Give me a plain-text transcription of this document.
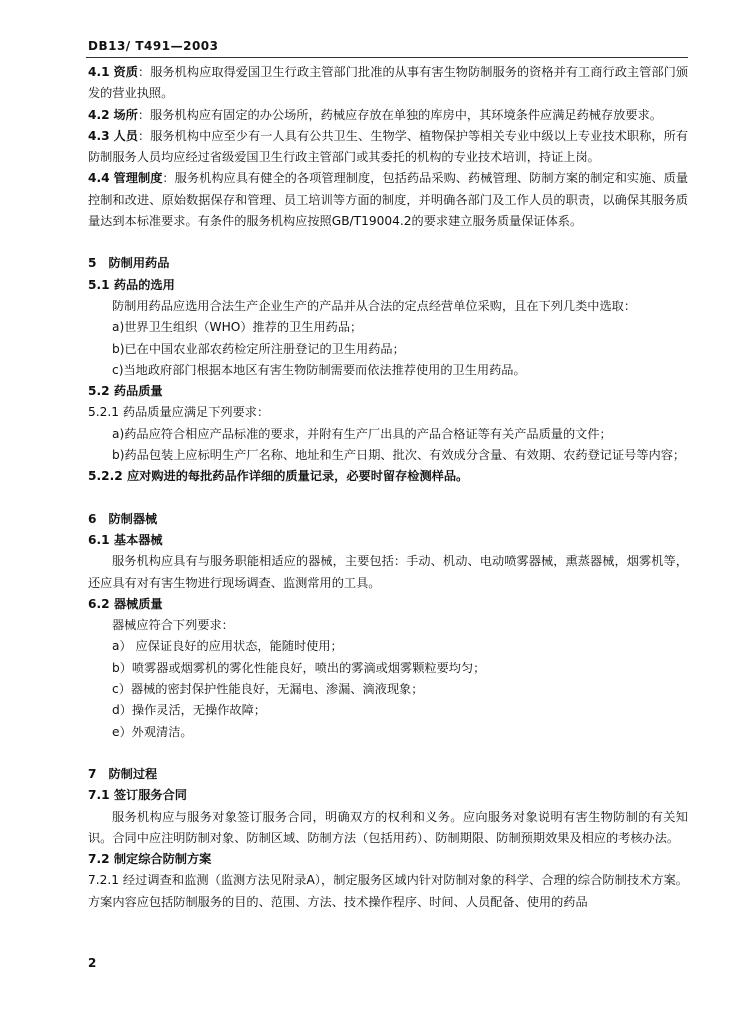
DB13/ T491—2003

4.1 资质：服务机构应取得爱国卫生行政主管部门批准的从事有害生物防制服务的资格并有工商行政主管部门颁发的营业执照。

4.2 场所：服务机构应有固定的办公场所，药械应存放在单独的库房中，其环境条件应满足药械存放要求。

4.3 人员：服务机构中应至少有一人具有公共卫生、生物学、植物保护等相关专业中级以上专业技术职称，所有防制服务人员均应经过省级爱国卫生行政主管部门或其委托的机构的专业技术培训，持证上岗。

4.4 管理制度：服务机构应具有健全的各项管理制度，包括药品采购、药械管理、防制方案的制定和实施、质量控制和改进、原始数据保存和管理、员工培训等方面的制度，并明确各部门及工作人员的职责，以确保其服务质量达到本标准要求。有条件的服务机构应按照GB/T19004.2的要求建立服务质量保证体系。

5 防制用药品

5.1 药品的选用

防制用药品应选用合法生产企业生产的产品并从合法的定点经营单位采购，且在下列几类中选取：

a)世界卫生组织（WHO）推荐的卫生用药品；

b)已在中国农业部农药检定所注册登记的卫生用药品；

c)当地政府部门根据本地区有害生物防制需要而依法推荐使用的卫生用药品。

5.2 药品质量

5.2.1 药品质量应满足下列要求：

a)药品应符合相应产品标准的要求，并附有生产厂出具的产品合格证等有关产品质量的文件；

b)药品包装上应标明生产厂名称、地址和生产日期、批次、有效成分含量、有效期、农药登记证号等内容；

5.2.2 应对购进的每批药品作详细的质量记录，必要时留存检测样品。

6 防制器械

6.1 基本器械

服务机构应具有与服务职能相适应的器械，主要包括：手动、机动、电动喷雾器械，熏蒸器械，烟雾机等，还应具有对有害生物进行现场调查、监测常用的工具。

6.2 器械质量

器械应符合下列要求：

a） 应保证良好的应用状态，能随时使用；

b）喷雾器或烟雾机的雾化性能良好，喷出的雾滴或烟雾颗粒要均匀；

c）器械的密封保护性能良好，无漏电、渗漏、滴液现象；

d）操作灵活，无操作故障；

e）外观清洁。

7 防制过程

7.1 签订服务合同

服务机构应与服务对象签订服务合同，明确双方的权利和义务。应向服务对象说明有害生物防制的有关知识。合同中应注明防制对象、防制区域、防制方法（包括用药）、防制期限、防制预期效果及相应的考核办法。

7.2 制定综合防制方案

7.2.1 经过调查和监测（监测方法见附录A），制定服务区域内针对防制对象的科学、合理的综合防制技术方案。方案内容应包括防制服务的目的、范围、方法、技术操作程序、时间、人员配备、使用的药品

2
